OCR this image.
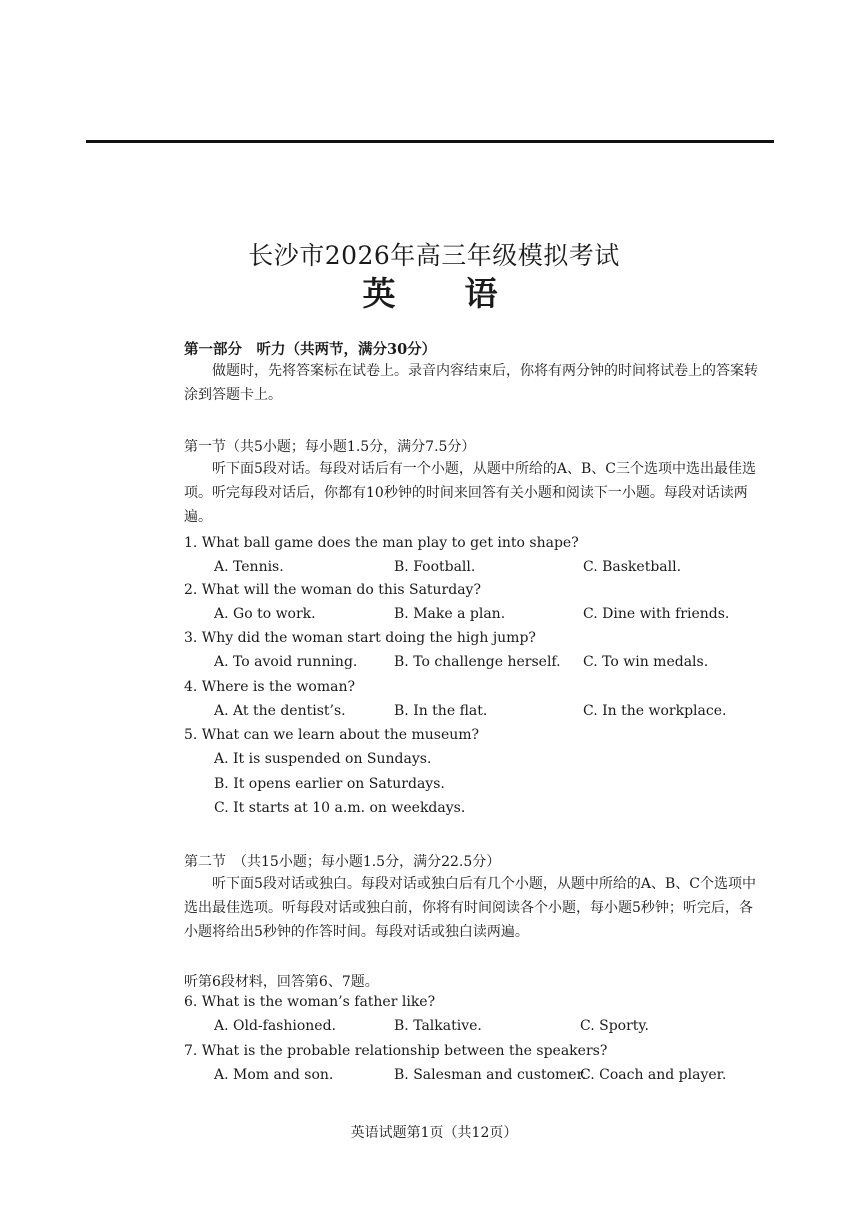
长沙市2026年高三年级模拟考试
英　语
第一部分　听力（共两节，满分30分）
做题时，先将答案标在试卷上。录音内容结束后，你将有两分钟的时间将试卷上的答案转涂到答题卡上。
第一节（共5小题；每小题1.5分，满分7.5分）
听下面5段对话。每段对话后有一个小题，从题中所给的A、B、C三个选项中选出最佳选项。听完每段对话后，你都有10秒钟的时间来回答有关小题和阅读下一小题。每段对话读两遍。
1. What ball game does the man play to get into shape?
A. Tennis.	B. Football.	C. Basketball.
2. What will the woman do this Saturday?
A. Go to work.	B. Make a plan.	C. Dine with friends.
3. Why did the woman start doing the high jump?
A. To avoid running.	B. To challenge herself. C. To win medals.
4. Where is the woman?
A. At the dentist’s.	B. In the flat.	C. In the workplace.
5. What can we learn about the museum?
A. It is suspended on Sundays.
B. It opens earlier on Saturdays.
C. It starts at 10 a.m. on weekdays.
第二节　（共15小题；每小题1.5分，满分22.5分）
听下面5段对话或独白。每段对话或独白后有几个小题，从题中所给的A、B、C个选项中选出最佳选项。听每段对话或独白前，你将有时间阅读各个小题，每小题5秒钟；听完后，各小题将给出5秒钟的作答时间。每段对话或独白读两遍。
听第6段材料，回答第6、7题。
6. What is the woman’s father like?
A. Old-fashioned.	B. Talkative.	C. Sporty.
7. What is the probable relationship between the speakers?
A. Mom and son.	B. Salesman and customer.
C. Coach and player.
英语试题第1页（共12页）
